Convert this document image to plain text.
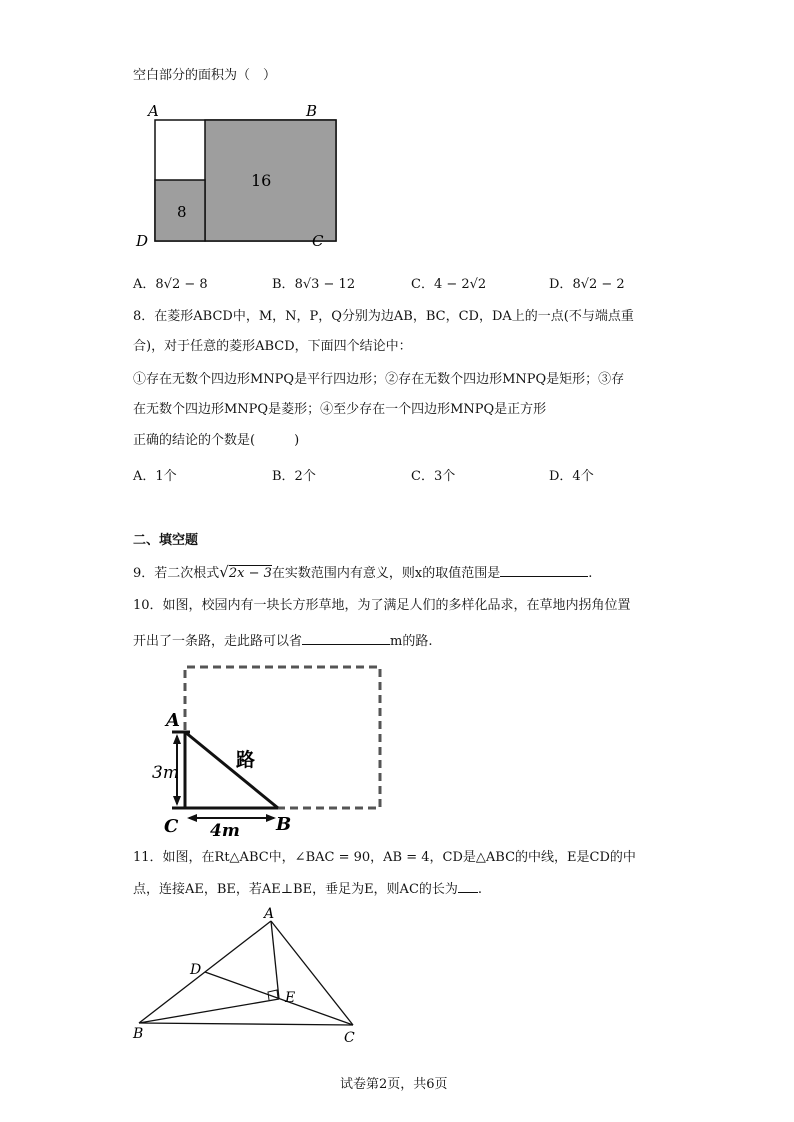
空白部分的面积为（　）
A	B
C
D
16
8
A．8√2 − 8	B．8√3 − 12	C．4 − 2√2	D．8√2 − 2
8．在菱形ABCD中，M，N，P，Q分别为边AB，BC，CD，DA上的一点(不与端点重
合)，对于任意的菱形ABCD，下面四个结论中：
①存在无数个四边形MNPQ是平行四边形；②存在无数个四边形MNPQ是矩形；③存
在无数个四边形MNPQ是菱形；④至少存在一个四边形MNPQ是正方形
正确的结论的个数是(　　　)
A．1个	B．2个	C．3个	D．4个
二、填空题
9．若二次根式√2x − 3在实数范围内有意义，则x的取值范围是	.
10．如图，校园内有一块长方形草地，为了满足人们的多样化品求，在草地内拐角位置
开出了一条路，走此路可以省	m的路.
A
C	B
路
3m
4m
11．如图，在Rt△ABC中，∠BAC = 90，AB = 4，CD是△ABC的中线，E是CD的中
点，连接AE，BE，若AE⊥BE，垂足为E，则AC的长为 .
A
B	C
D
E
试卷第2页，共6页
